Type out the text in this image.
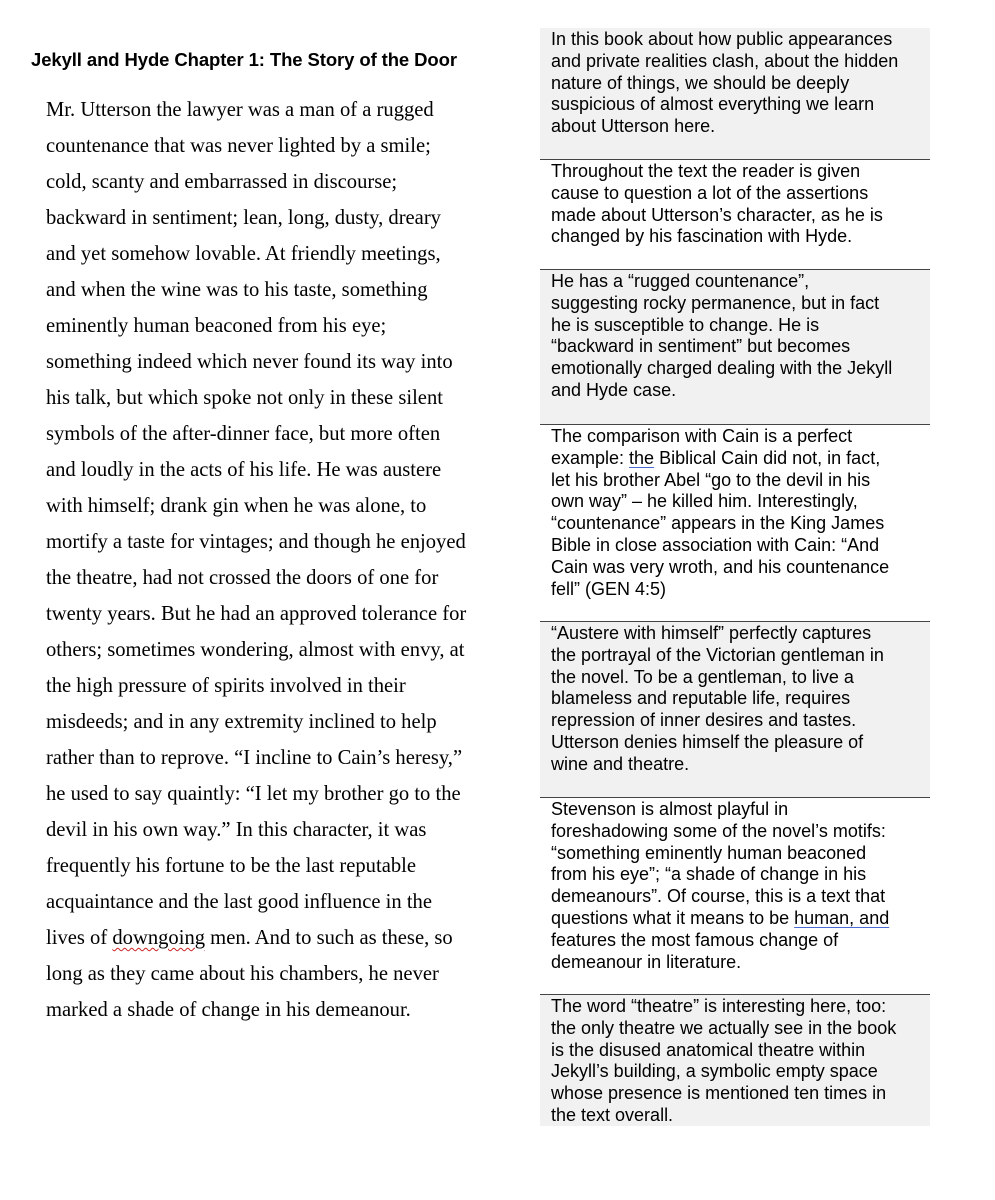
Jekyll and Hyde Chapter 1: The Story of the Door
Mr. Utterson the lawyer was a man of a rugged
countenance that was never lighted by a smile;
cold, scanty and embarrassed in discourse;
backward in sentiment; lean, long, dusty, dreary
and yet somehow lovable. At friendly meetings,
and when the wine was to his taste, something
eminently human beaconed from his eye;
something indeed which never found its way into
his talk, but which spoke not only in these silent
symbols of the after-dinner face, but more often
and loudly in the acts of his life. He was austere
with himself; drank gin when he was alone, to
mortify a taste for vintages; and though he enjoyed
the theatre, had not crossed the doors of one for
twenty years. But he had an approved tolerance for
others; sometimes wondering, almost with envy, at
the high pressure of spirits involved in their
misdeeds; and in any extremity inclined to help
rather than to reprove. “I incline to Cain’s heresy,”
he used to say quaintly: “I let my brother go to the
devil in his own way.” In this character, it was
frequently his fortune to be the last reputable
acquaintance and the last good influence in the
lives of downgoing men. And to such as these, so
long as they came about his chambers, he never
marked a shade of change in his demeanour.
In this book about how public appearances
and private realities clash, about the hidden
nature of things, we should be deeply
suspicious of almost everything we learn
about Utterson here.
Throughout the text the reader is given
cause to question a lot of the assertions
made about Utterson’s character, as he is
changed by his fascination with Hyde.
He has a “rugged countenance”,
suggesting rocky permanence, but in fact
he is susceptible to change. He is
“backward in sentiment” but becomes
emotionally charged dealing with the Jekyll
and Hyde case.
The comparison with Cain is a perfect
example: the Biblical Cain did not, in fact,
let his brother Abel “go to the devil in his
own way” – he killed him. Interestingly,
“countenance” appears in the King James
Bible in close association with Cain: “And
Cain was very wroth, and his countenance
fell” (GEN 4:5)
“Austere with himself” perfectly captures
the portrayal of the Victorian gentleman in
the novel. To be a gentleman, to live a
blameless and reputable life, requires
repression of inner desires and tastes.
Utterson denies himself the pleasure of
wine and theatre.
Stevenson is almost playful in
foreshadowing some of the novel’s motifs:
“something eminently human beaconed
from his eye”; “a shade of change in his
demeanours”. Of course, this is a text that
questions what it means to be human, and
features the most famous change of
demeanour in literature.
The word “theatre” is interesting here, too:
the only theatre we actually see in the book
is the disused anatomical theatre within
Jekyll’s building, a symbolic empty space
whose presence is mentioned ten times in
the text overall.
